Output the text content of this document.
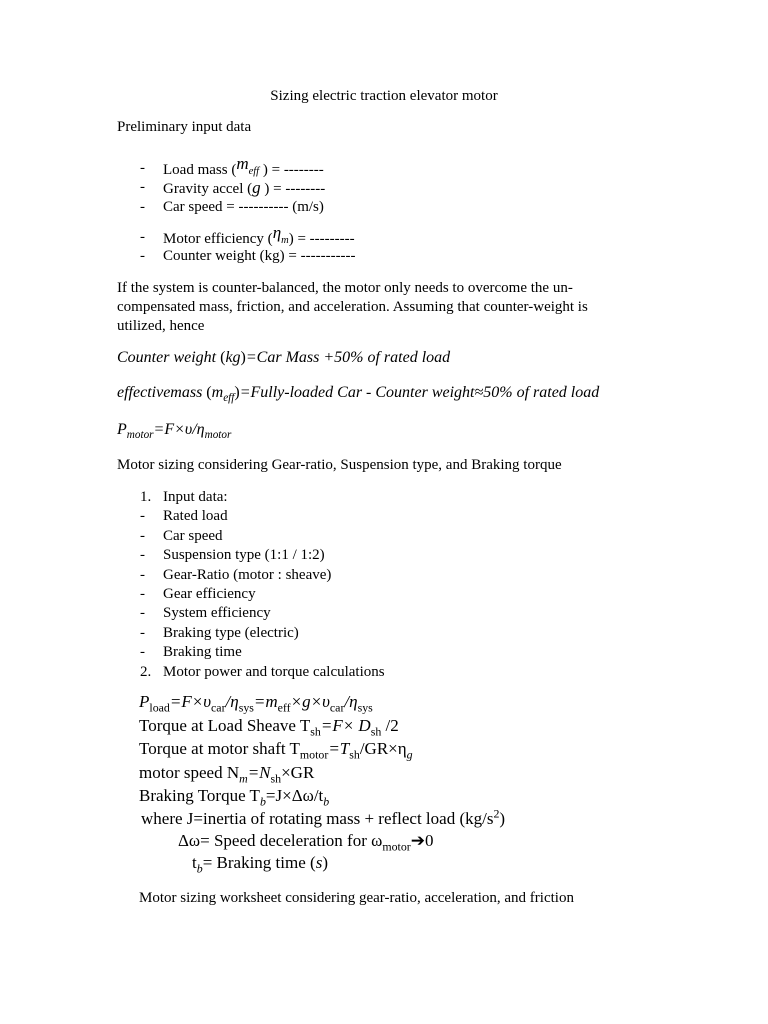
Sizing electric traction elevator motor
Preliminary input data
-	Load mass ($m_{eff}$ ) = --------
-	Gravity accel (g ) = --------
-	Car speed = ---------- (m/s)
-	Motor efficiency $(\eta_m)$ = ---------
-	Counter weight (kg) = -----------
If the system is counter-balanced, the motor only needs to overcome the un-compensated mass, friction, and acceleration. Assuming that counter-weight is utilized, hence
Counter weight (kg)=Car Mass +50% of rated load
effectivemass $(m_{eff})=Fully$-loaded Car - Counter weight≈50% of rated load
$P_{motor}=F\times\upsilon/\eta_{motor}$
Motor sizing considering Gear-ratio, Suspension type, and Braking torque
1. Input data:
-	Rated load
-	Car speed
-	Suspension type (1:1 / 1:2)
-	Gear-Ratio (motor : sheave)
-	Gear efficiency
-	System efficiency
-	Braking type (electric)
-	Braking time
2. Motor power and torque calculations
$P_{load}=F\times\upsilon_{car}/\eta_{sys}=m_{eff}\times g\times\upsilon_{car}/\eta_{sys}$
Torque at Load Sheave $T_{sh}=F\times D_{sh}$ /2
Torque at motor shaft $T_{motor}=T_{sh}/GR\times\eta_g$
motor speed $N_m=N_{sh}\times GR$
Braking Torque $T_b=J\times\Delta\omega/t_b$
where J=inertia of rotating mass + reflect load $(kg/s^2)$
Δω= Speed deceleration for $\omega_{motor}➔0$
$t_b=$ Braking time (s)
Motor sizing worksheet considering gear-ratio, acceleration, and friction
